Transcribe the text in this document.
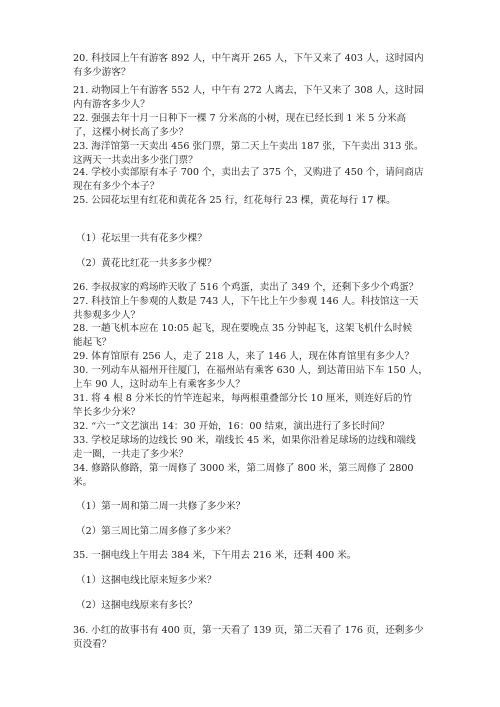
20. 科技园上午有游客 892 人，中午离开 265 人，下午又来了 403 人，这时园内
有多少游客？
21. 动物园上午有游客 552 人，中午有 272 人离去，下午又来了 308 人，这时园
内有游客多少人？
22. 强强去年十月一日种下一棵 7 分米高的小树，现在已经长到 1 米 5 分米高
了，这棵小树长高了多少？
23. 海洋馆第一天卖出 456 张门票，第二天上午卖出 187 张，下午卖出 313 张。
这两天一共卖出多少张门票？
24. 学校小卖部原有本子 700 个，卖出去了 375 个，又购进了 450 个，请问商店
现在有多少个本子？
25. 公园花坛里有红花和黄花各 25 行，红花每行 23 棵，黄花每行 17 棵。
（1）花坛里一共有花多少棵？
（2）黄花比红花一共多多少棵？
26. 李叔叔家的鸡场昨天收了 516 个鸡蛋，卖出了 349 个，还剩下多少个鸡蛋？
27. 科技馆上午参观的人数是 743 人，下午比上午少参观 146 人。科技馆这一天
共参观多少人？
28. 一趟飞机本应在 10:05 起飞，现在要晚点 35 分钟起飞，这架飞机什么时候
能起飞？
29. 体育馆原有 256 人，走了 218 人，来了 146 人，现在体育馆里有多少人？
30. 一列动车从福州开往厦门，在福州站有乘客 630 人，到达莆田站下车 150 人，
上车 90 人，这时动车上有乘客多少人？
31. 将 4 根 8 分米长的竹竿连起来，每两根重叠部分长 10 厘米，则连好后的竹
竿长多少分米？
32. “六一”文艺演出 14：30 开始，16：00 结束，演出进行了多长时间？
33. 学校足球场的边线长 90 米，端线长 45 米，如果你沿着足球场的边线和端线
走一圈，一共走了多少米？
34. 修路队修路，第一周修了 3000 米，第二周修了 800 米，第三周修了 2800
米。
（1）第一周和第二周一共修了多少米？
（2）第三周比第二周多修了多少米？
35. 一捆电线上午用去 384 米，下午用去 216 米，还剩 400 米。
（1）这捆电线比原来短多少米？
（2）这捆电线原来有多长？
36. 小红的故事书有 400 页，第一天看了 139 页，第二天看了 176 页，还剩多少
页没看？
